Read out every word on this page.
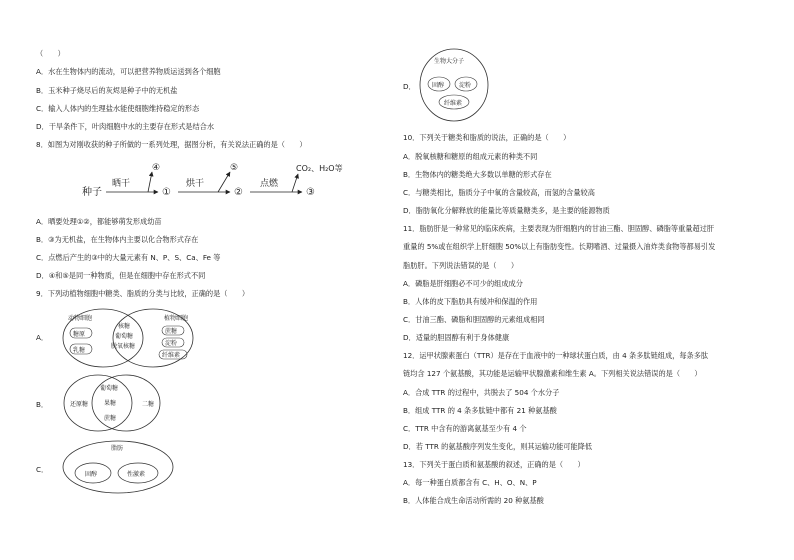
（　　）
A．水在生物体内的流动，可以把营养物质运送到各个细胞
B．玉米种子烧尽后的灰烬是种子中的无机盐
C．输入人体内的生理盐水能使细胞维持稳定的形态
D．干旱条件下，叶肉细胞中水的主要存在形式是结合水
8．如图为对刚收获的种子所做的一系列处理，据图分析，有关说法正确的是（　　）
种子
晒干
④
①
烘干
⑤
②
点燃
CO₂、H₂O等
③
A．晒要处理①②，都能够萌发形成幼苗
B．③为无机盐，在生物体内主要以化合物形式存在
C．点燃后产生的③中的大量元素有 N、P、S、Ca、Fe 等
D．④和⑤是同一种物质，但是在细胞中存在形式不同
9．下列动植物细胞中糖类、脂质的分类与比较，正确的是（　　）
A．
动物细胞	植物细胞
糖原
乳糖
核糖
葡萄糖
脱氧核糖
蔗糖
淀粉
纤维素
B．	还原糖
葡萄糖
果糖
蔗糖
二糖
C．
脂肪
固醇	性激素
D．
生物大分子
固醇 淀粉
纤维素
10．下列关于糖类和脂质的说法，正确的是（　　）
A．脱氧核糖和糖原的组成元素的种类不同
B．生物体内的糖类绝大多数以单糖的形式存在
C．与糖类相比，脂质分子中氧的含量较高，而氢的含量较高
D．脂肪氧化分解释放的能量比等质量糖类多，是主要的能源物质
11．脂肪肝是一种常见的临床疾病，主要表现为肝细胞内的甘油三酯、胆固醇、磷脂等重量超过肝
重量的 5%或在组织学上肝细胞 50%以上有脂肪变性。长期嗜酒、过量摄入油炸类食物等都易引发
脂肪肝。下列说法错误的是（　　）
A．磷脂是肝细胞必不可少的组成成分
B．人体的皮下脂肪具有缓冲和保温的作用
C．甘油三酯、磷脂和胆固醇的元素组成相同
D．适量的胆固醇有利于身体健康
12．运甲状腺素蛋白（TTR）是存在于血液中的一种球状蛋白质，由 4 条多肽链组成，每条多肽
链均含 127 个氨基酸，其功能是运输甲状腺激素和维生素 A。下列相关说法错误的是（　　）
A．合成 TTR 的过程中，共脱去了 504 个水分子
B．组成 TTR 的 4 条多肽链中都有 21 种氨基酸
C．TTR 中含有的游离氨基至少有 4 个
D．若 TTR 的氨基酸序列发生变化，则其运输功能可能降低
13．下列关于蛋白质和氨基酸的叙述，正确的是（　　）
A．每一种蛋白质都含有 C、H、O、N、P
B．人体能合成生命活动所需的 20 种氨基酸
